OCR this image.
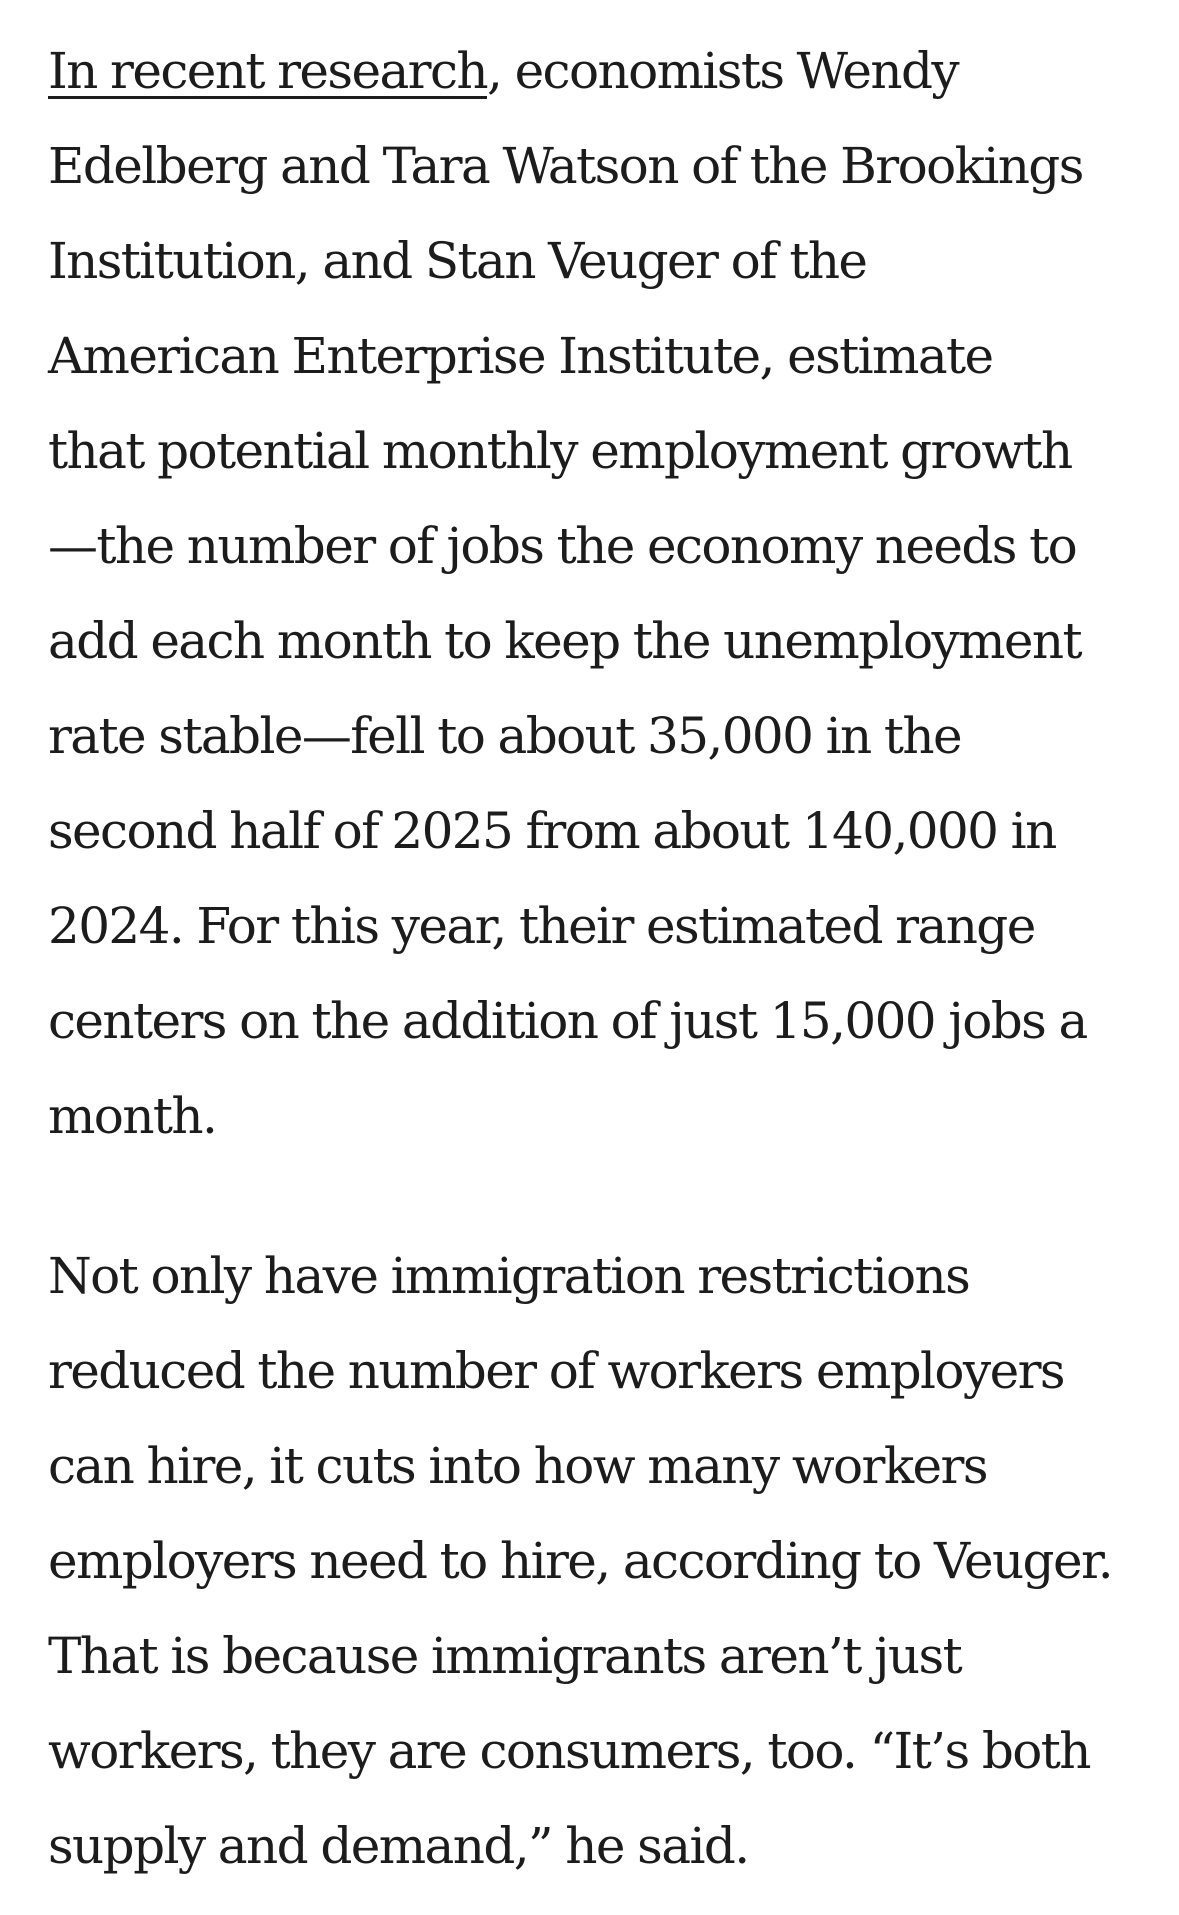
In recent research, economists Wendy
Edelberg and Tara Watson of the Brookings
Institution, and Stan Veuger of the
American Enterprise Institute, estimate
that potential monthly employment growth
—the number of jobs the economy needs to
add each month to keep the unemployment
rate stable—fell to about 35,000 in the
second half of 2025 from about 140,000 in
2024. For this year, their estimated range
centers on the addition of just 15,000 jobs a
month.

Not only have immigration restrictions
reduced the number of workers employers
can hire, it cuts into how many workers
employers need to hire, according to Veuger.
That is because immigrants aren’t just
workers, they are consumers, too. “It’s both
supply and demand,” he said.
